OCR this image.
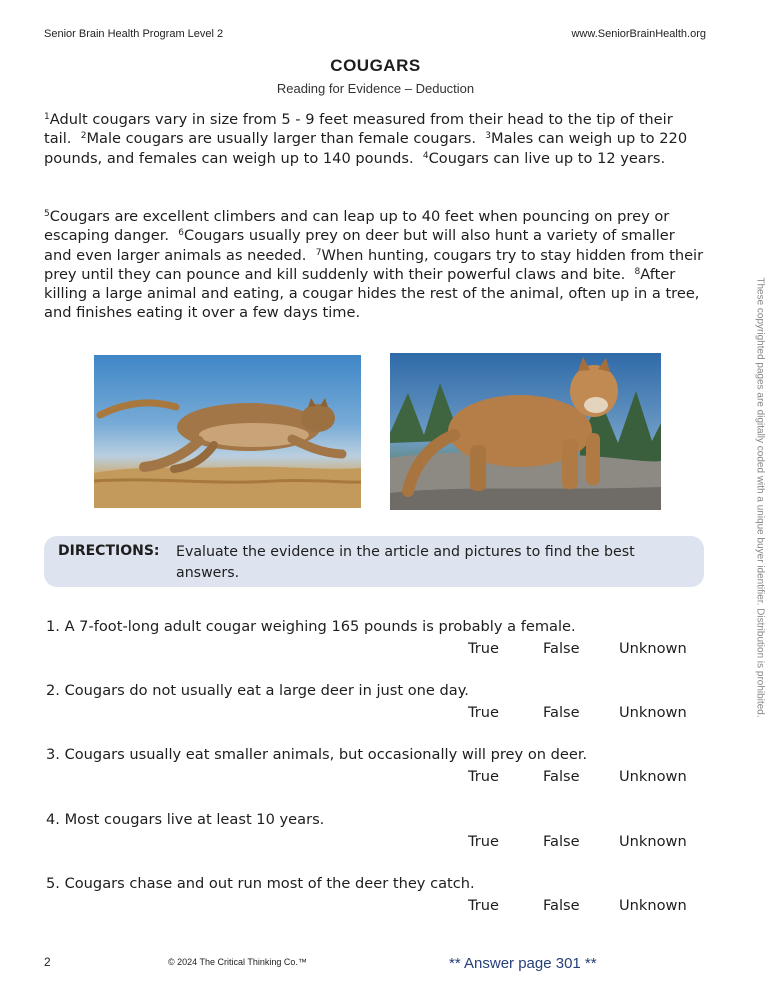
Senior Brain Health Program Level 2	www.SeniorBrainHealth.org
COUGARS
Reading for Evidence – Deduction

$^1$Adult cougars vary in size from 5 - 9 feet measured from their head to the tip of their tail. $^2$Male cougars are usually larger than female cougars. $^3$Males can weigh up to 220 pounds, and females can weigh up to 140 pounds. $^4$Cougars can live up to 12 years.

$^5$Cougars are excellent climbers and can leap up to 40 feet when pouncing on prey or escaping danger. $^6$Cougars usually prey on deer but will also hunt a variety of smaller and even larger animals as needed. $^7$When hunting, cougars try to stay hidden from their prey until they can pounce and kill suddenly with their powerful claws and bite. $^8$After killing a large animal and eating, a cougar hides the rest of the animal, often up in a tree, and finishes eating it over a few days time.

DIRECTIONS: Evaluate the evidence in the article and pictures to find the best answers.
1. A 7-foot-long adult cougar weighing 165 pounds is probably a female.
True	False	Unknown
2. Cougars do not usually eat a large deer in just one day.
True	False	Unknown
3. Cougars usually eat smaller animals, but occasionally will prey on deer.
True	False	Unknown
4. Most cougars live at least 10 years.
True	False	Unknown
5. Cougars chase and out run most of the deer they catch.
True	False	Unknown
These copyrighted pages are digitally coded with a unique buyer identifier. Distribution is prohibited.
2	© 2024 The Critical Thinking Co.™	** Answer page 301 **
